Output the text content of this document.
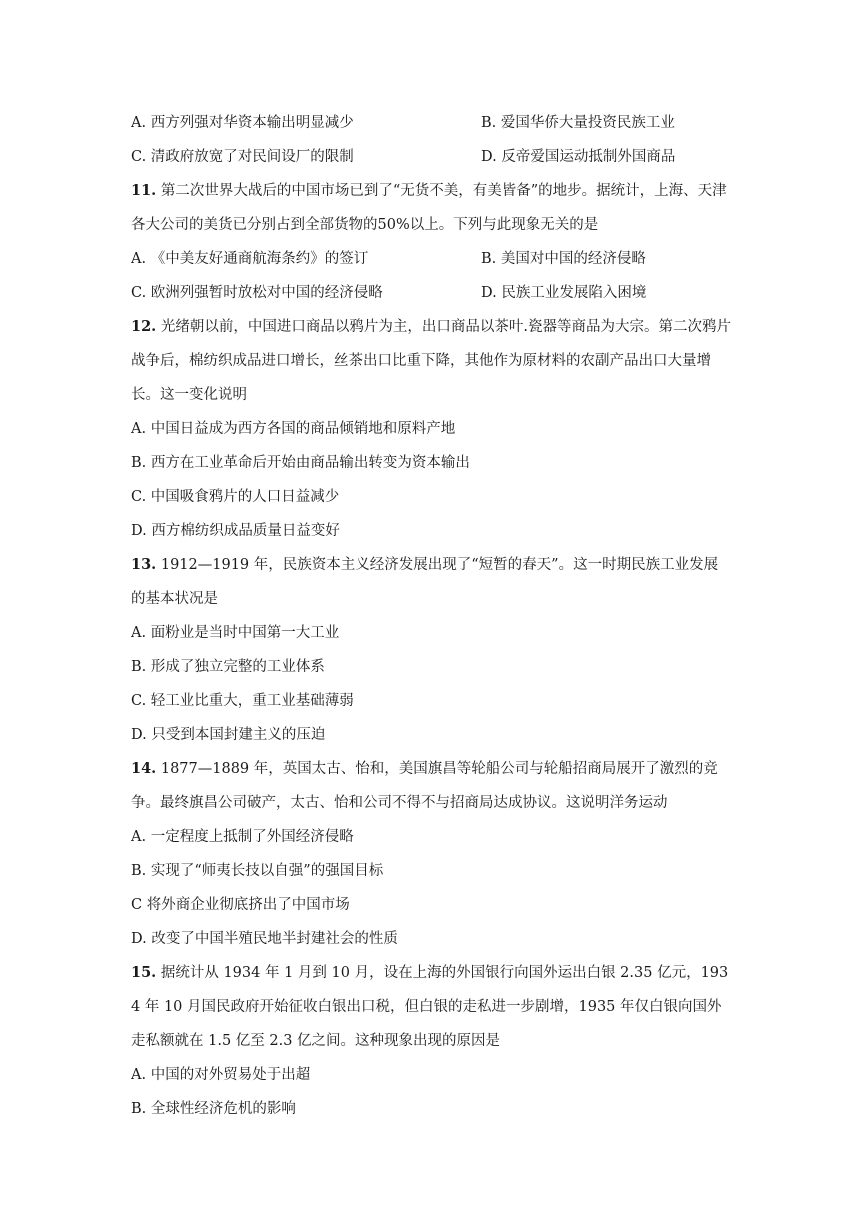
A. 西方列强对华资本输出明显减少	B. 爱国华侨大量投资民族工业
C. 清政府放宽了对民间设厂的限制	D. 反帝爱国运动抵制外国商品
11. 第二次世界大战后的中国市场已到了“无货不美，有美皆备”的地步。据统计，上海、天津各大公司的美货已分别占到全部货物的50%以上。下列与此现象无关的是
A. 《中美友好通商航海条约》的签订	B. 美国对中国的经济侵略
C. 欧洲列强暂时放松对中国的经济侵略	D. 民族工业发展陷入困境
12. 光绪朝以前，中国进口商品以鸦片为主，出口商品以茶叶.瓷器等商品为大宗。第二次鸦片战争后，棉纺织成品进口增长，丝茶出口比重下降，其他作为原材料的农副产品出口大量增长。这一变化说明
A. 中国日益成为西方各国的商品倾销地和原料产地
B. 西方在工业革命后开始由商品输出转变为资本输出
C. 中国吸食鸦片的人口日益减少
D. 西方棉纺织成品质量日益变好
13. 1912—1919 年，民族资本主义经济发展出现了“短暂的春天”。这一时期民族工业发展的基本状况是
A. 面粉业是当时中国第一大工业
B. 形成了独立完整的工业体系
C. 轻工业比重大，重工业基础薄弱
D. 只受到本国封建主义的压迫
14. 1877—1889 年，英国太古、怡和，美国旗昌等轮船公司与轮船招商局展开了激烈的竞争。最终旗昌公司破产，太古、怡和公司不得不与招商局达成协议。这说明洋务运动
A. 一定程度上抵制了外国经济侵略
B. 实现了“师夷长技以自强”的强国目标
C 将外商企业彻底挤出了中国市场
D. 改变了中国半殖民地半封建社会的性质
15. 据统计从 1934 年 1 月到 10 月，设在上海的外国银行向国外运出白银 2.35 亿元，1934 年 10 月国民政府开始征收白银出口税，但白银的走私进一步剧增，1935 年仅白银向国外走私额就在 1.5 亿至 2.3 亿之间。这种现象出现的原因是
A. 中国的对外贸易处于出超
B. 全球性经济危机的影响
